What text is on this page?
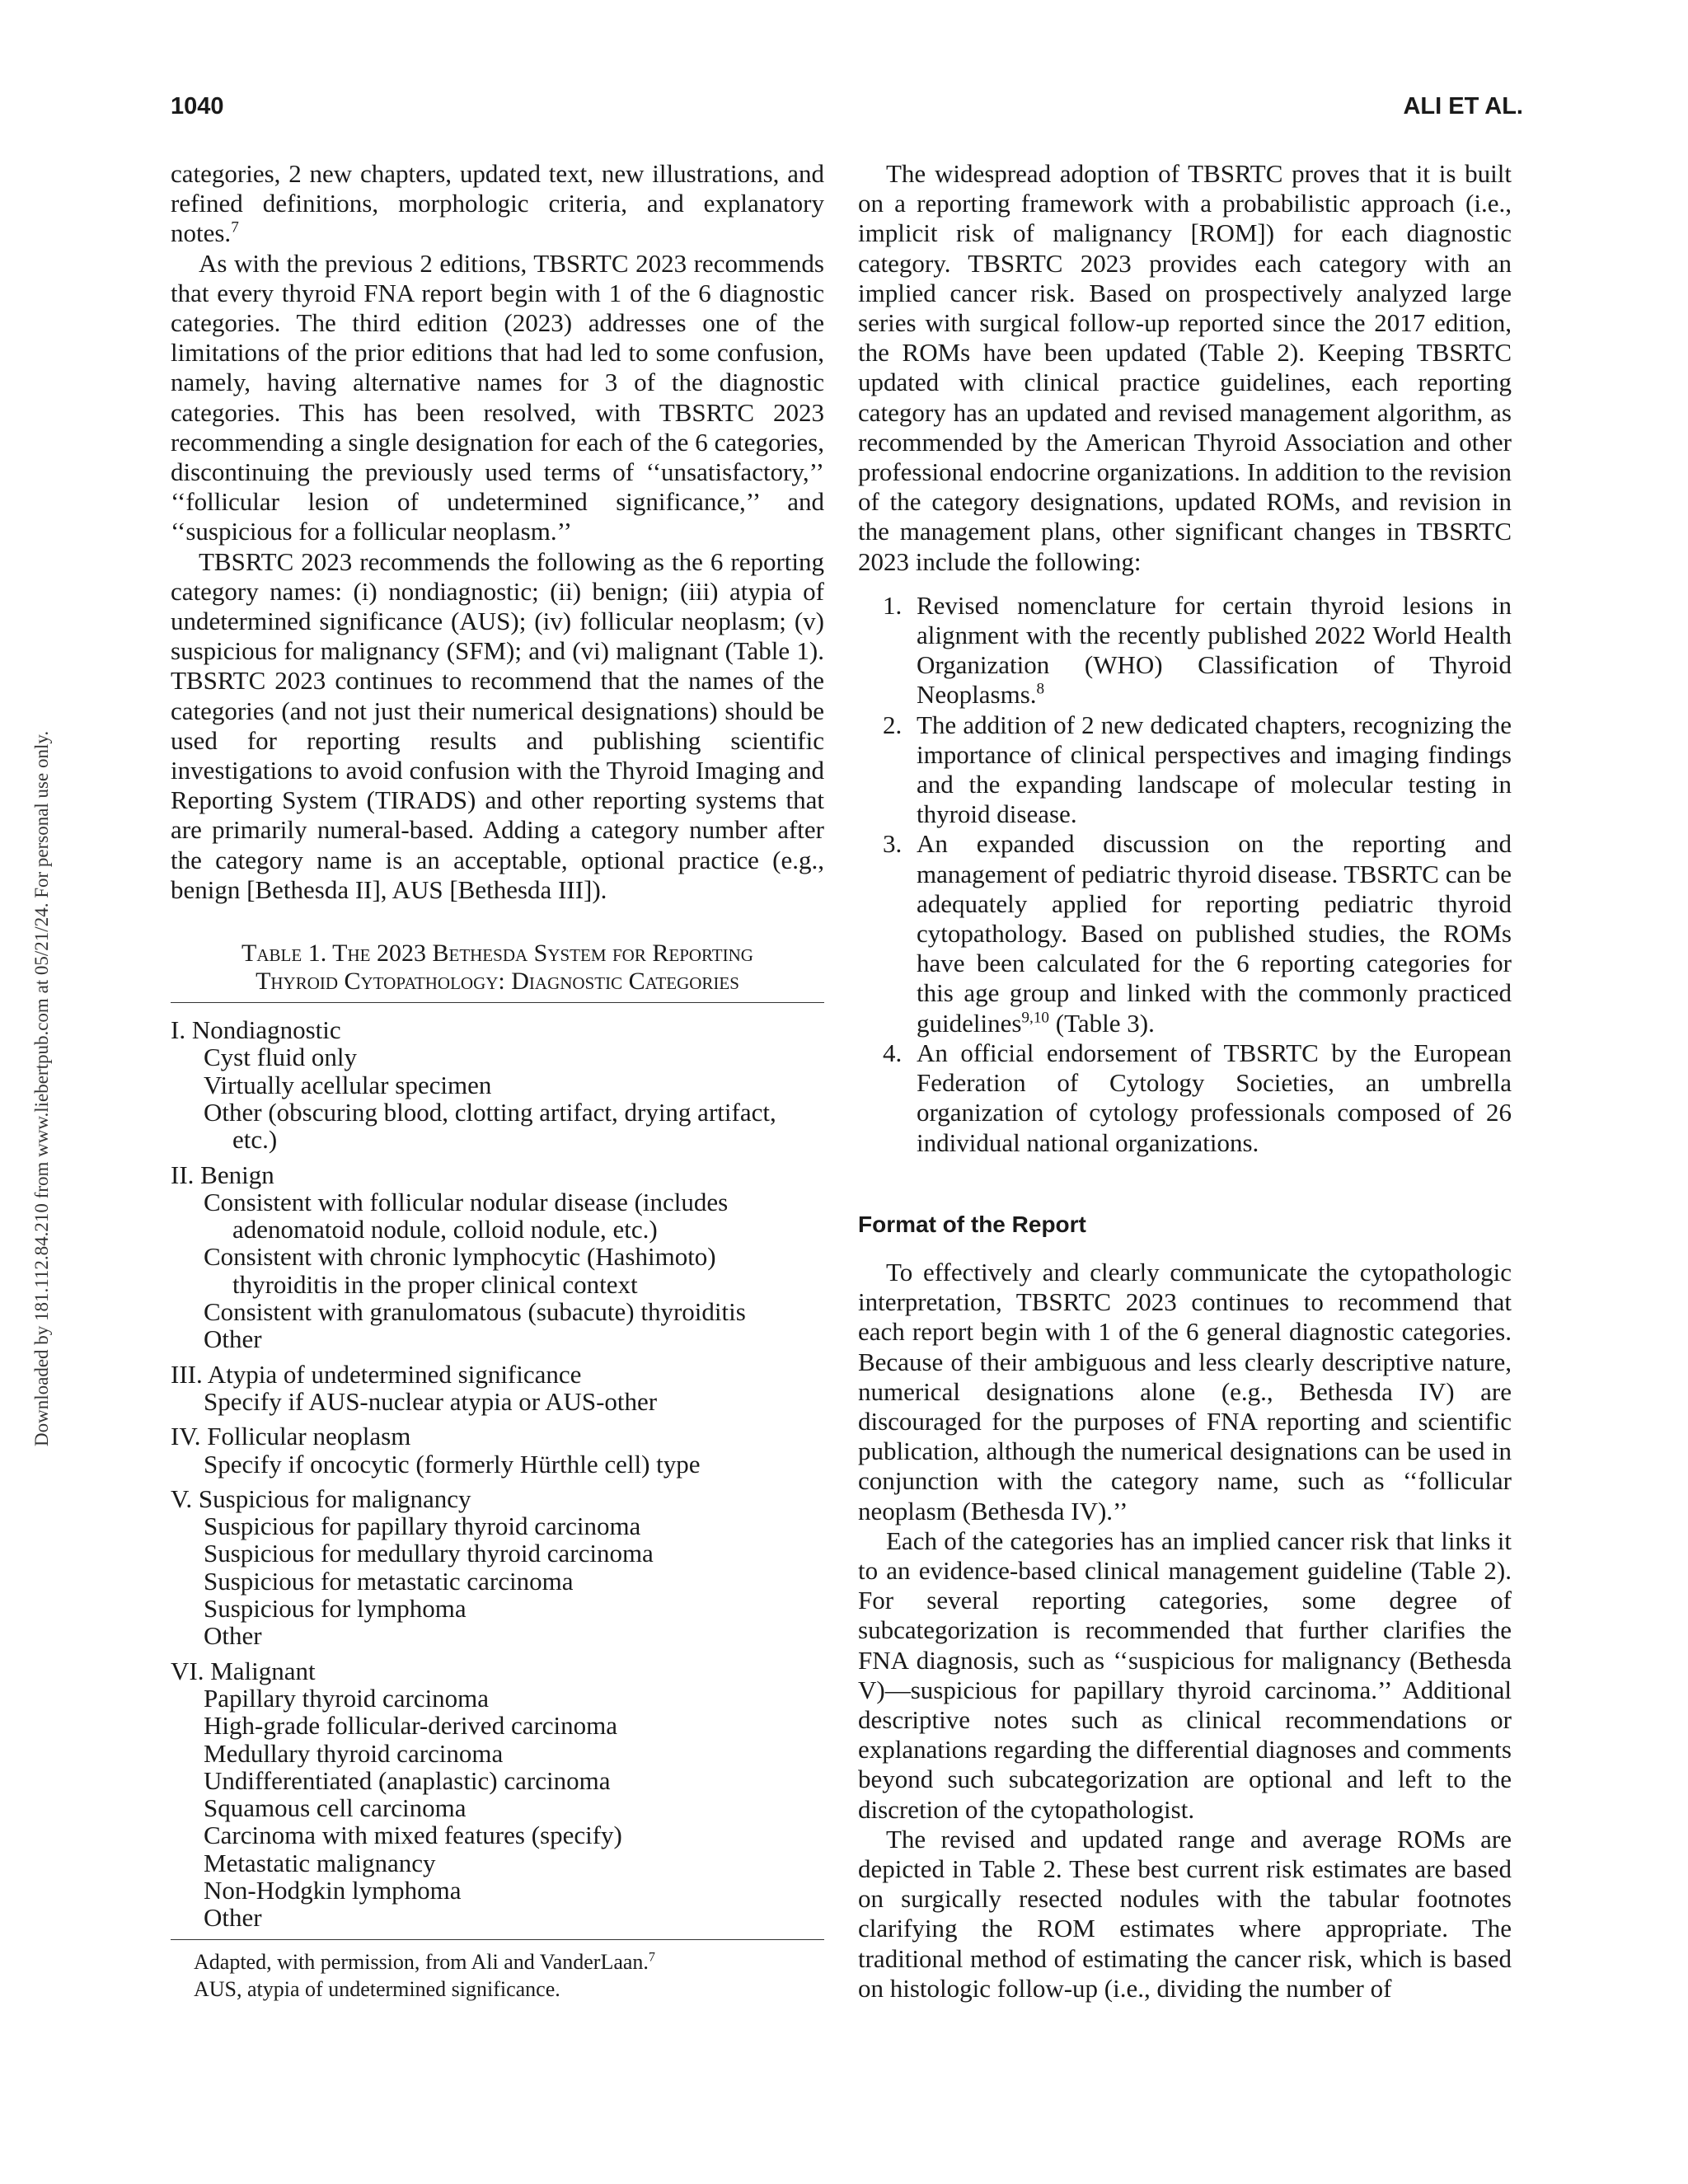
1040	ALI ET AL.
Downloaded by 181.112.84.210 from www.liebertpub.com at 05/21/24. For personal use only.

categories, 2 new chapters, updated text, new illustrations, and refined definitions, morphologic criteria, and explanatory notes.$^7$

As with the previous 2 editions, TBSRTC 2023 recommends that every thyroid FNA report begin with 1 of the 6 diagnostic categories. The third edition (2023) addresses one of the limitations of the prior editions that had led to some confusion, namely, having alternative names for 3 of the diagnostic categories. This has been resolved, with TBSRTC 2023 recommending a single designation for each of the 6 categories, discontinuing the previously used terms of ‘‘unsatisfactory,’’ ‘‘follicular lesion of undetermined significance,’’ and ‘‘suspicious for a follicular neoplasm.’’

TBSRTC 2023 recommends the following as the 6 reporting category names: (i) nondiagnostic; (ii) benign; (iii) atypia of undetermined significance (AUS); (iv) follicular neoplasm; (v) suspicious for malignancy (SFM); and (vi) malignant (Table 1). TBSRTC 2023 continues to recommend that the names of the categories (and not just their numerical designations) should be used for reporting results and publishing scientific investigations to avoid confusion with the Thyroid Imaging and Reporting System (TIRADS) and other reporting systems that are primarily numeral-based. Adding a category number after the category name is an acceptable, optional practice (e.g., benign [Bethesda II], AUS [Bethesda III]).

Table 1. The 2023 Bethesda System for Reporting
Thyroid Cytopathology: Diagnostic Categories
I. Nondiagnostic
Cyst fluid only
Virtually acellular specimen
Other (obscuring blood, clotting artifact, drying artifact,
etc.)
II. Benign
Consistent with follicular nodular disease (includes
adenomatoid nodule, colloid nodule, etc.)
Consistent with chronic lymphocytic (Hashimoto)
thyroiditis in the proper clinical context
Consistent with granulomatous (subacute) thyroiditis
Other
III. Atypia of undetermined significance
Specify if AUS-nuclear atypia or AUS-other
IV. Follicular neoplasm
Specify if oncocytic (formerly Hürthle cell) type
V. Suspicious for malignancy
Suspicious for papillary thyroid carcinoma
Suspicious for medullary thyroid carcinoma
Suspicious for metastatic carcinoma
Suspicious for lymphoma
Other
VI. Malignant
Papillary thyroid carcinoma
High-grade follicular-derived carcinoma
Medullary thyroid carcinoma
Undifferentiated (anaplastic) carcinoma
Squamous cell carcinoma
Carcinoma with mixed features (specify)
Metastatic malignancy
Non-Hodgkin lymphoma
Other
Adapted, with permission, from Ali and VanderLaan.$^7$
AUS, atypia of undetermined significance.

The widespread adoption of TBSRTC proves that it is built on a reporting framework with a probabilistic approach (i.e., implicit risk of malignancy [ROM]) for each diagnostic category. TBSRTC 2023 provides each category with an implied cancer risk. Based on prospectively analyzed large series with surgical follow-up reported since the 2017 edition, the ROMs have been updated (Table 2). Keeping TBSRTC updated with clinical practice guidelines, each reporting category has an updated and revised management algorithm, as recommended by the American Thyroid Association and other professional endocrine organizations. In addition to the revision of the category designations, updated ROMs, and revision in the management plans, other significant changes in TBSRTC 2023 include the following:

1. Revised nomenclature for certain thyroid lesions in alignment with the recently published 2022 World Health Organization (WHO) Classification of Thyroid Neoplasms.$^8$
2. The addition of 2 new dedicated chapters, recognizing the importance of clinical perspectives and imaging findings and the expanding landscape of molecular testing in thyroid disease.
3. An expanded discussion on the reporting and management of pediatric thyroid disease. TBSRTC can be adequately applied for reporting pediatric thyroid cytopathology. Based on published studies, the ROMs have been calculated for the 6 reporting categories for this age group and linked with the commonly practiced guidelines$^{9,10}$ (Table 3).
4. An official endorsement of TBSRTC by the European Federation of Cytology Societies, an umbrella organization of cytology professionals composed of 26 individual national organizations.
Format of the Report

To effectively and clearly communicate the cytopathologic interpretation, TBSRTC 2023 continues to recommend that each report begin with 1 of the 6 general diagnostic categories. Because of their ambiguous and less clearly descriptive nature, numerical designations alone (e.g., Bethesda IV) are discouraged for the purposes of FNA reporting and scientific publication, although the numerical designations can be used in conjunction with the category name, such as ‘‘follicular neoplasm (Bethesda IV).’’

Each of the categories has an implied cancer risk that links it to an evidence-based clinical management guideline (Table 2). For several reporting categories, some degree of subcategorization is recommended that further clarifies the FNA diagnosis, such as ‘‘suspicious for malignancy (Bethesda V)—suspicious for papillary thyroid carcinoma.’’ Additional descriptive notes such as clinical recommendations or explanations regarding the differential diagnoses and comments beyond such subcategorization are optional and left to the discretion of the cytopathologist.

The revised and updated range and average ROMs are depicted in Table 2. These best current risk estimates are based on surgically resected nodules with the tabular footnotes clarifying the ROM estimates where appropriate. The traditional method of estimating the cancer risk, which is based on histologic follow-up (i.e., dividing the number of
